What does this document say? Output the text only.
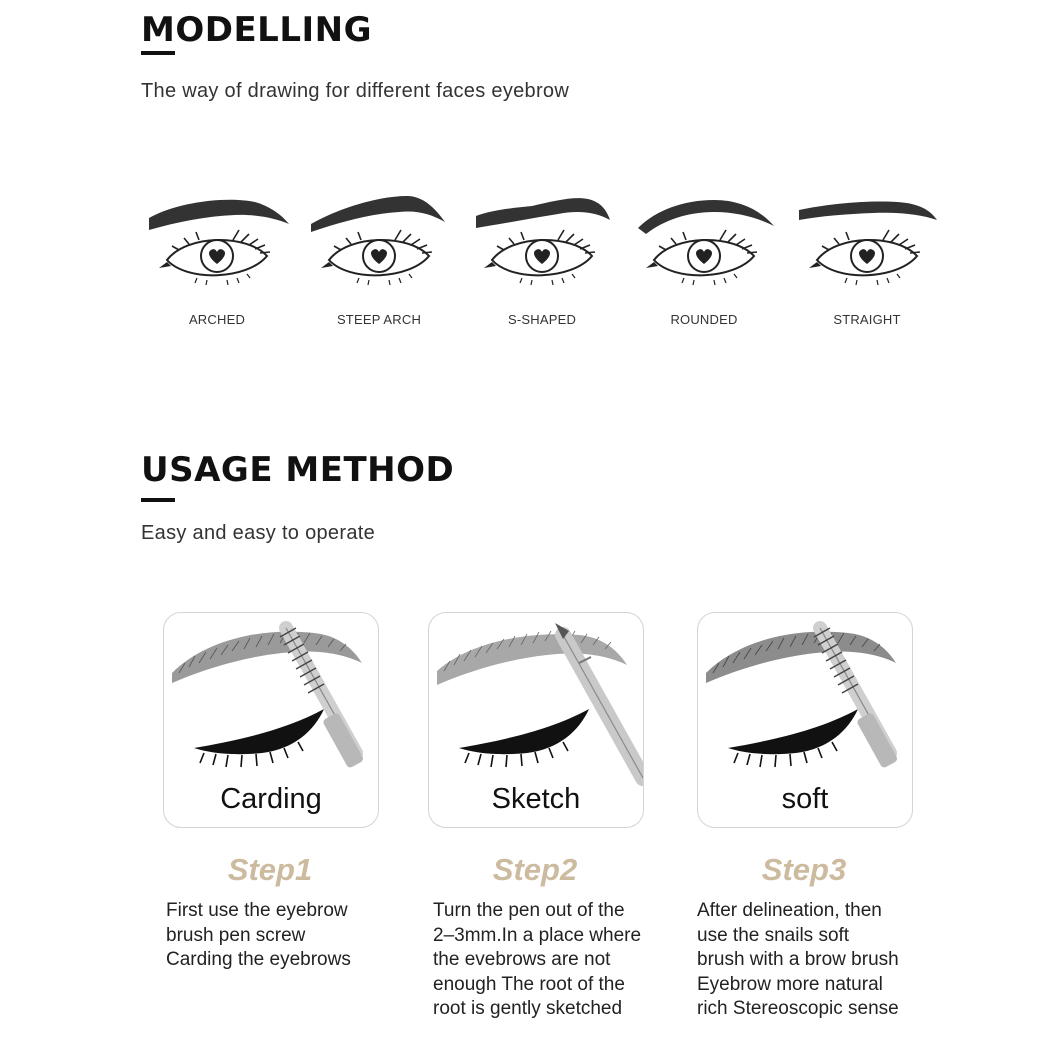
MODELLING
The way of drawing for different faces eyebrow
ARCHED	STEEP ARCH	S-SHAPED	ROUNDED	STRAIGHT
USAGE METHOD
Easy and easy to operate
Carding	Sketch	soft
Step1	Step2	Step3
First use the eyebrow
brush pen screw
Carding the eyebrows
Turn the pen out of the
2–3mm.In a place where
the evebrows are not
enough The root of the
root is gently sketched
After delineation, then
use the snails soft
brush with a brow brush
Eyebrow more natural
rich Stereoscopic sense
